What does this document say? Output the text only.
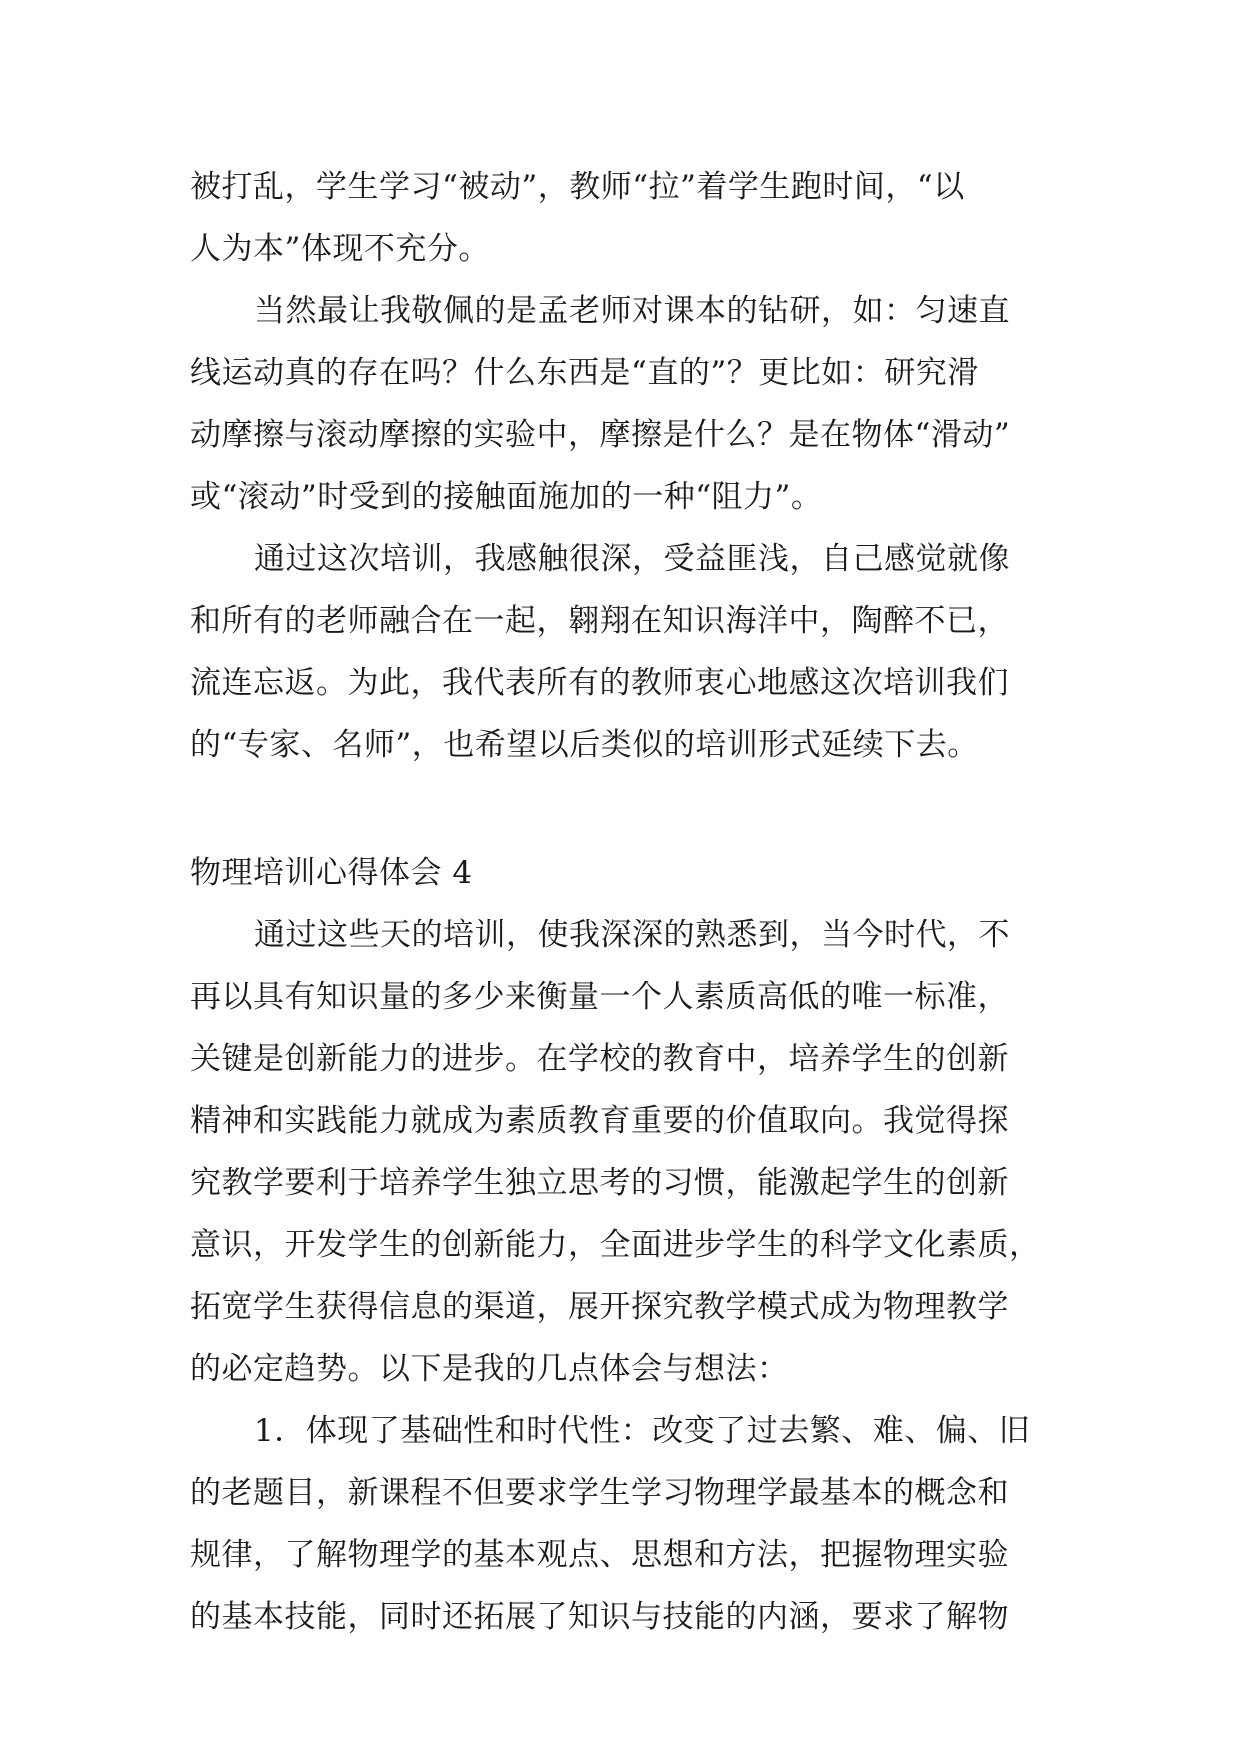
被打乱，学生学习“被动”，教师“拉”着学生跑时间，“以
人为本”体现不充分。
当然最让我敬佩的是孟老师对课本的钻研，如：匀速直
线运动真的存在吗？什么东西是“直的”？更比如：研究滑
动摩擦与滚动摩擦的实验中，摩擦是什么？是在物体“滑动”
或“滚动”时受到的接触面施加的一种“阻力”。
通过这次培训，我感触很深，受益匪浅，自己感觉就像
和所有的老师融合在一起，翱翔在知识海洋中，陶醉不已，
流连忘返。为此，我代表所有的教师衷心地感这次培训我们
的“专家、名师”，也希望以后类似的培训形式延续下去。
物理培训心得体会 4
通过这些天的培训，使我深深的熟悉到，当今时代，不
再以具有知识量的多少来衡量一个人素质高低的唯一标准，
关键是创新能力的进步。在学校的教育中，培养学生的创新
精神和实践能力就成为素质教育重要的价值取向。我觉得探
究教学要利于培养学生独立思考的习惯，能激起学生的创新
意识，开发学生的创新能力，全面进步学生的科学文化素质，
拓宽学生获得信息的渠道，展开探究教学模式成为物理教学
的必定趋势。以下是我的几点体会与想法：
1．体现了基础性和时代性：改变了过去繁、难、偏、旧
的老题目，新课程不但要求学生学习物理学最基本的概念和
规律，了解物理学的基本观点、思想和方法，把握物理实验
的基本技能，同时还拓展了知识与技能的内涵，要求了解物
